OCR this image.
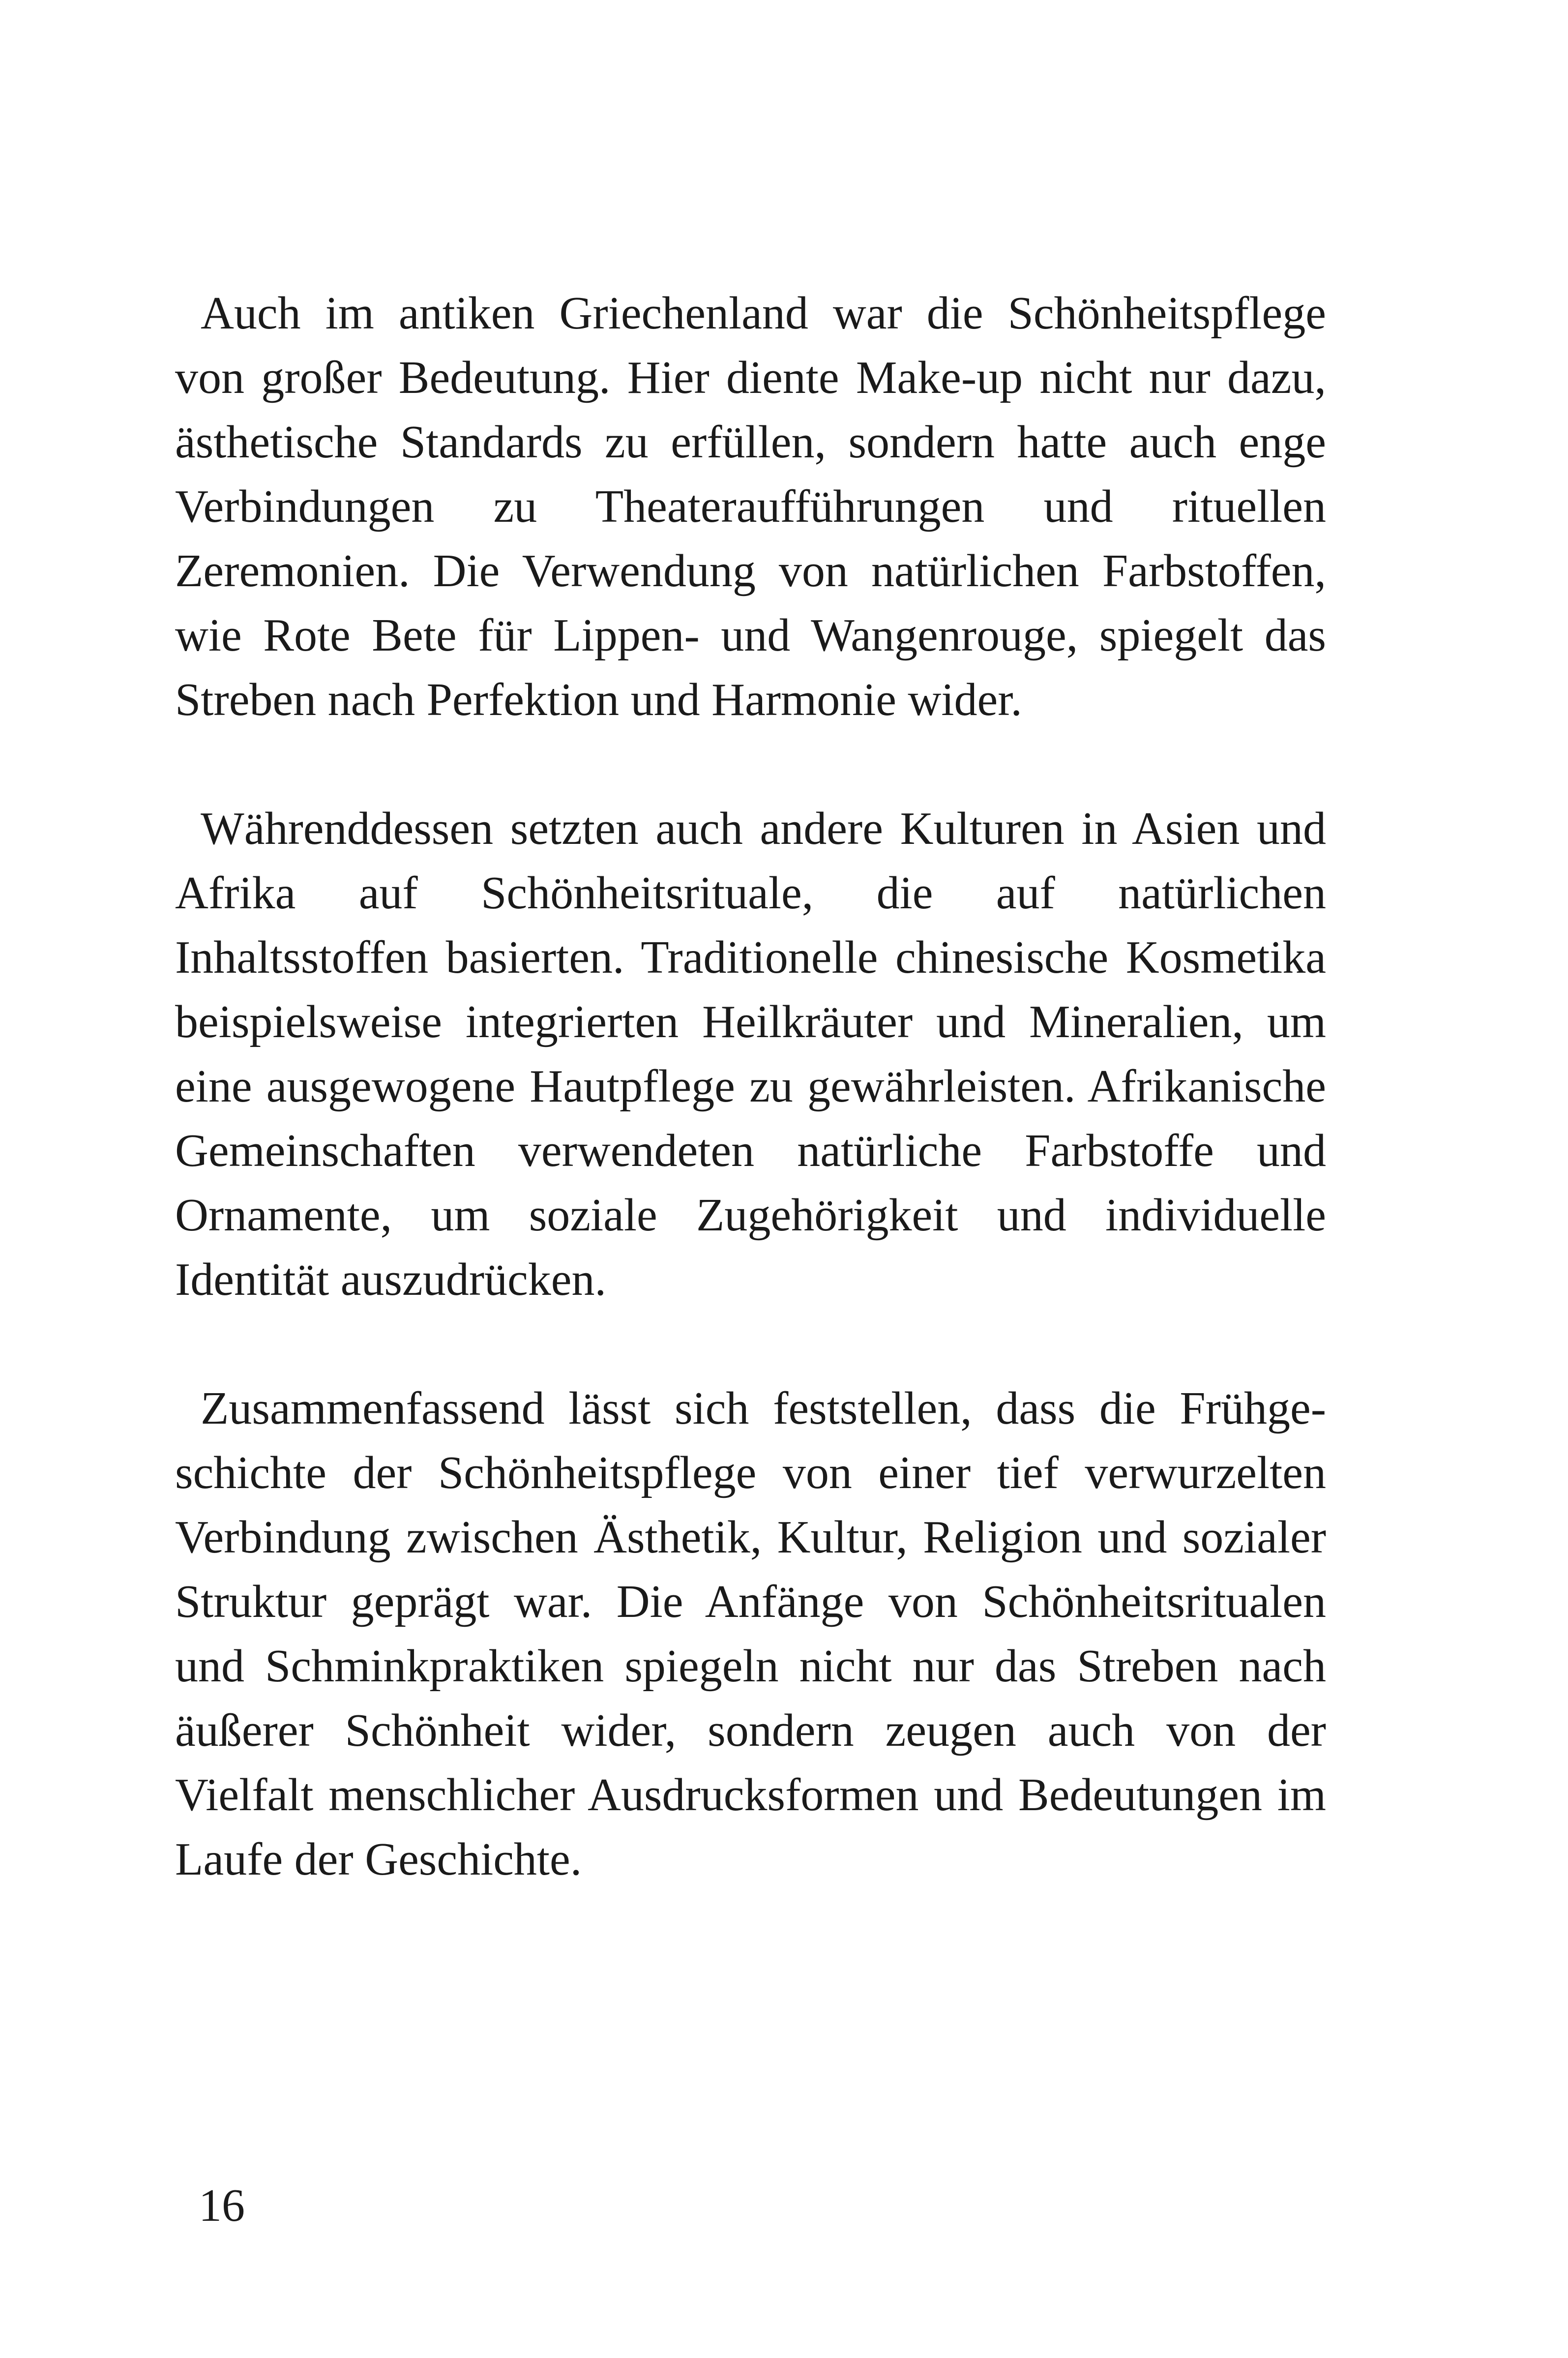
Auch im antiken Griechenland war die Schönheitspflege von großer Bedeutung. Hier diente Make-up nicht nur dazu, ästhetische Standards zu erfüllen, sondern hatte auch enge Verbindungen zu Theateraufführungen und rituellen Zeremonien. Die Verwendung von natürlichen Farbstoffen, wie Rote Bete für Lippen- und Wangenrouge, spiegelt das Streben nach Perfektion und Harmonie wider.

Währenddessen setzten auch andere Kulturen in Asien und Afrika auf Schönheitsrituale, die auf natürlichen Inhaltsstoffen basierten. Traditionelle chinesische Kosmetika beispielsweise integrierten Heilkräuter und Mineralien, um eine ausgewogene Hautpflege zu gewährleisten. Afrikanische Gemeinschaften verwendeten natürliche Farbstoffe und Ornamente, um soziale Zugehörigkeit und individuelle Identität auszudrücken.

Zusammenfassend lässt sich feststellen, dass die Frühgeschichte der Schönheitspflege von einer tief verwurzelten Verbindung zwischen Ästhetik, Kultur, Religion und sozialer Struktur geprägt war. Die Anfänge von Schönheitsritualen und Schminkpraktiken spiegeln nicht nur das Streben nach äußerer Schönheit wider, sondern zeugen auch von der Vielfalt menschlicher Ausdrucksformen und Bedeutungen im Laufe der Geschichte.

16
